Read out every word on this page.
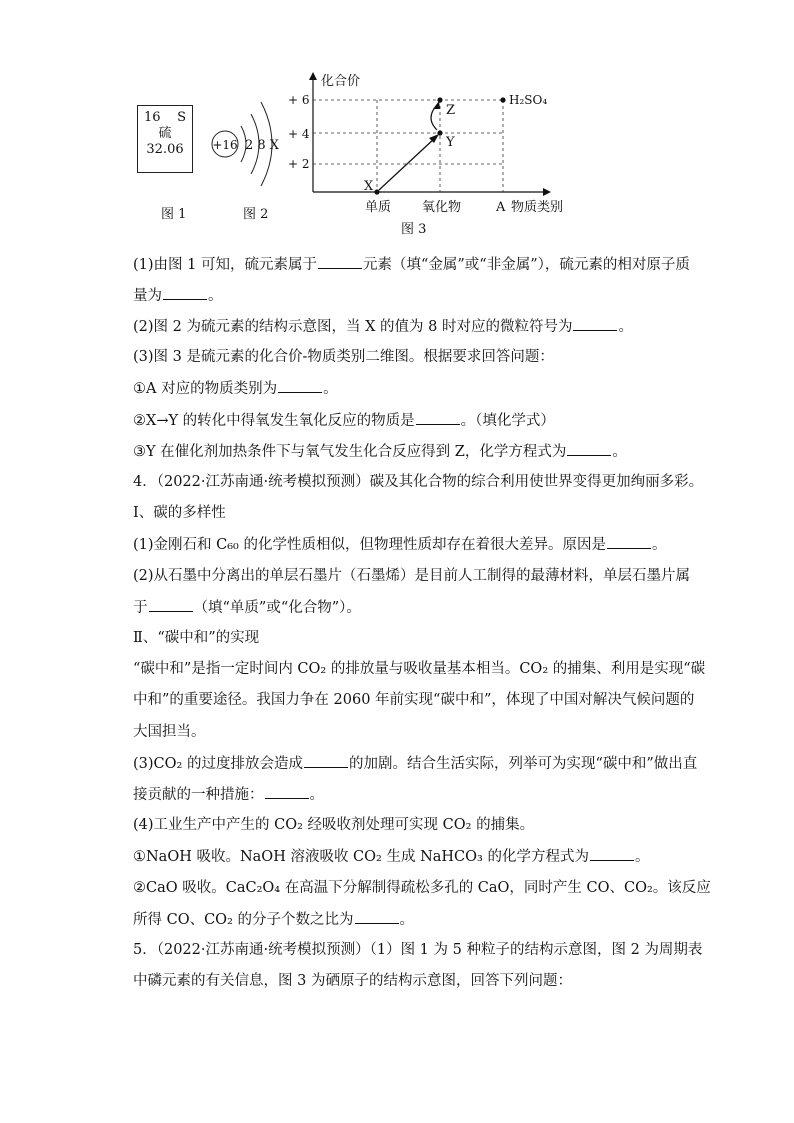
16 S
硫
32.06
图 1
+16 2 8 X
图 2
化合价
+ 6
+ 4
+ 2
单质 氧化物	A 物质类别
X
Y
Z
H₂SO₄
图 3
(1)由图 1 可知，硫元素属于	元素（填“金属”或“非金属”），硫元素的相对原子质
量为	。
(2)图 2 为硫元素的结构示意图，当 X 的值为 8 时对应的微粒符号为	。
(3)图 3 是硫元素的化合价-物质类别二维图。根据要求回答问题：
①A 对应的物质类别为	。
②X→Y 的转化中得氧发生氧化反应的物质是	。（填化学式）
③Y 在催化剂加热条件下与氧气发生化合反应得到 Z，化学方程式为	。
4．（2022·江苏南通·统考模拟预测）碳及其化合物的综合利用使世界变得更加绚丽多彩。
Ⅰ、碳的多样性
(1)金刚石和 C₆₀ 的化学性质相似，但物理性质却存在着很大差异。原因是	。
(2)从石墨中分离出的单层石墨片（石墨烯）是目前人工制得的最薄材料，单层石墨片属
于	（填“单质”或“化合物”）。
Ⅱ、“碳中和”的实现
“碳中和”是指一定时间内 CO₂ 的排放量与吸收量基本相当。CO₂ 的捕集、利用是实现“碳
中和”的重要途径。我国力争在 2060 年前实现“碳中和”，体现了中国对解决气候问题的
大国担当。
(3)CO₂ 的过度排放会造成	的加剧。结合生活实际，列举可为实现“碳中和”做出直
接贡献的一种措施：	。
(4)工业生产中产生的 CO₂ 经吸收剂处理可实现 CO₂ 的捕集。
①NaOH 吸收。NaOH 溶液吸收 CO₂ 生成 NaHCO₃ 的化学方程式为	。
②CaO 吸收。CaC₂O₄ 在高温下分解制得疏松多孔的 CaO，同时产生 CO、CO₂。该反应
所得 CO、CO₂ 的分子个数之比为	。
5．（2022·江苏南通·统考模拟预测）（1）图 1 为 5 种粒子的结构示意图，图 2 为周期表
中磷元素的有关信息，图 3 为硒原子的结构示意图，回答下列问题：
